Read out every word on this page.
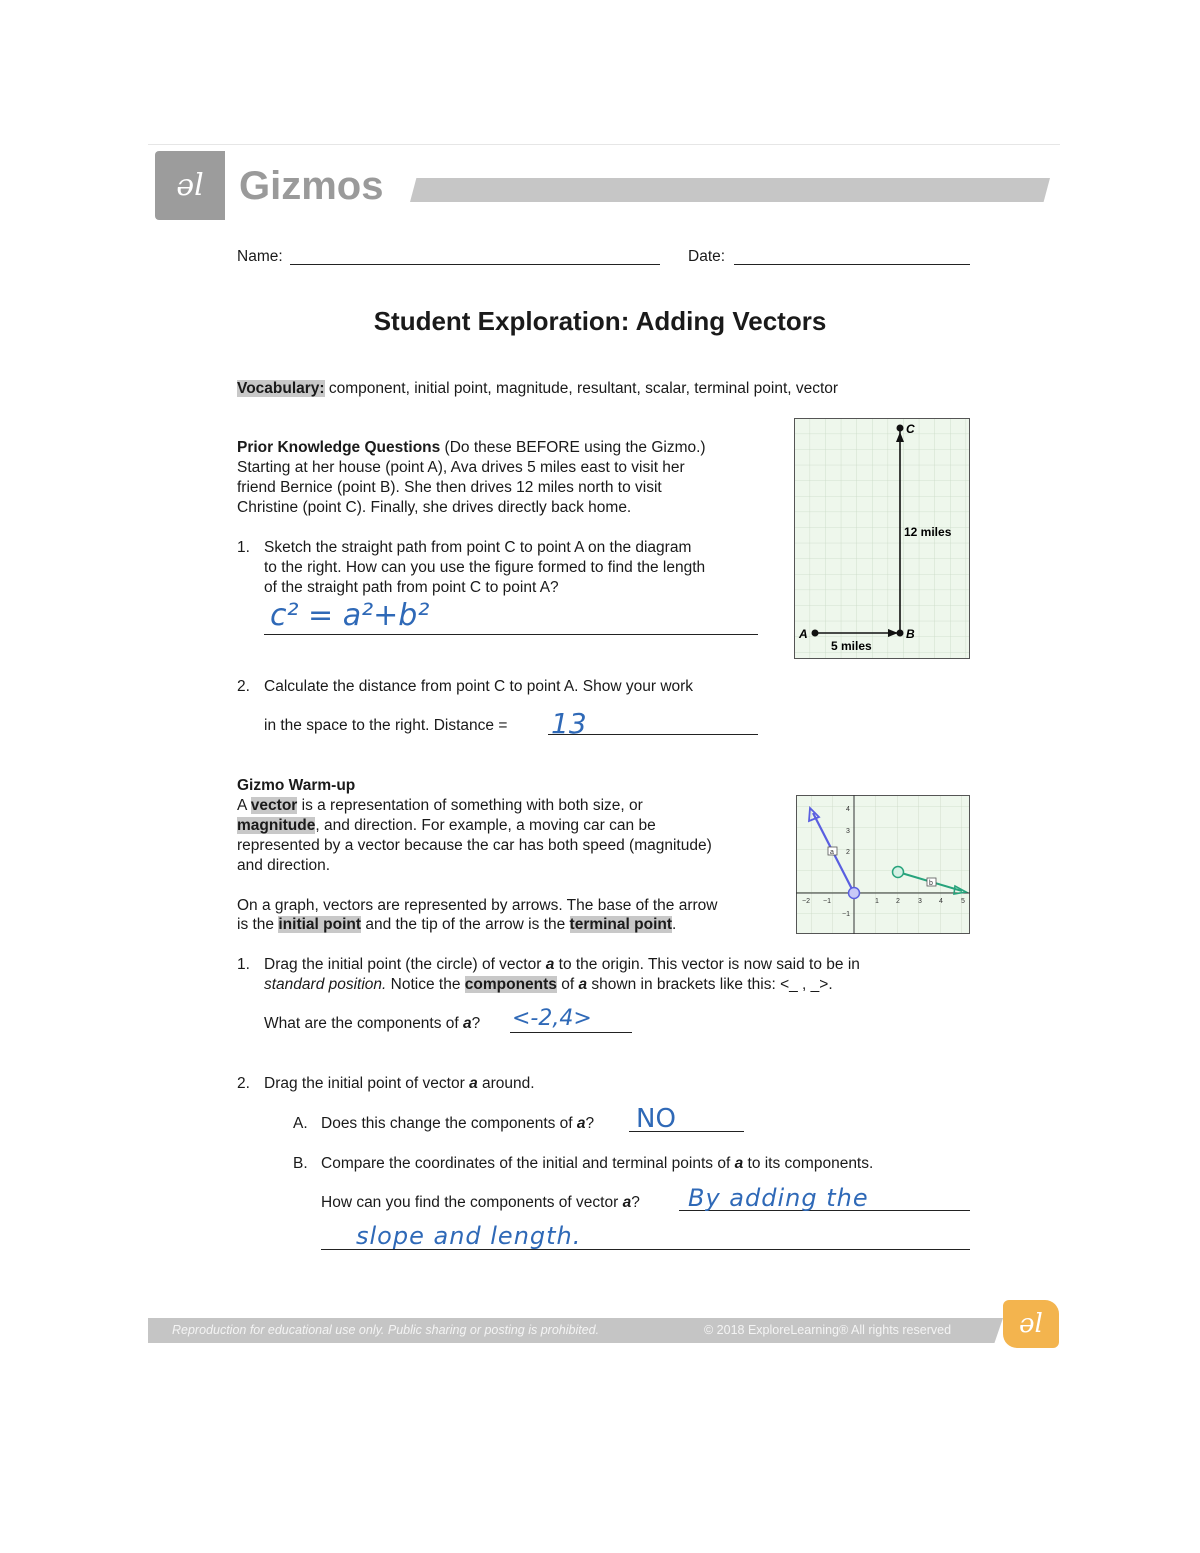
ǝl Gizmos
Name:	Date:
Student Exploration: Adding Vectors
Vocabulary: component, initial point, magnitude, resultant, scalar, terminal point, vector
Prior Knowledge Questions (Do these BEFORE using the Gizmo.)
Starting at her house (point A), Ava drives 5 miles east to visit her
friend Bernice (point B). She then drives 12 miles north to visit
Christine (point C). Finally, she drives directly back home.
1. Sketch the straight path from point C to point A on the diagram
to the right. How can you use the figure formed to find the length
of the straight path from point C to point A?
c² = a²+b²
2. Calculate the distance from point C to point A. Show your work
in the space to the right. Distance = 13
A	B
C
12 miles
5 miles
Gizmo Warm-up
A vector is a representation of something with both size, or
magnitude, and direction. For example, a moving car can be
represented by a vector because the car has both speed (magnitude)
and direction.
On a graph, vectors are represented by arrows. The base of the arrow
is the initial point and the tip of the arrow is the terminal point.
−2 −1	1 2	3 4	5
4
3
2
−1
a
b
1. Drag the initial point (the circle) of vector a to the origin. This vector is now said to be in
standard position. Notice the components of a shown in brackets like this: <_ , _>.
What are the components of a? <-2,4>
2. Drag the initial point of vector a around.
A. Does this change the components of a? NO
B. Compare the coordinates of the initial and terminal points of a to its components.
How can you find the components of vector a? By adding the
slope and length.
Reproduction for educational use only. Public sharing or posting is prohibited.	© 2018 ExploreLearning® All rights reserved	ǝl
